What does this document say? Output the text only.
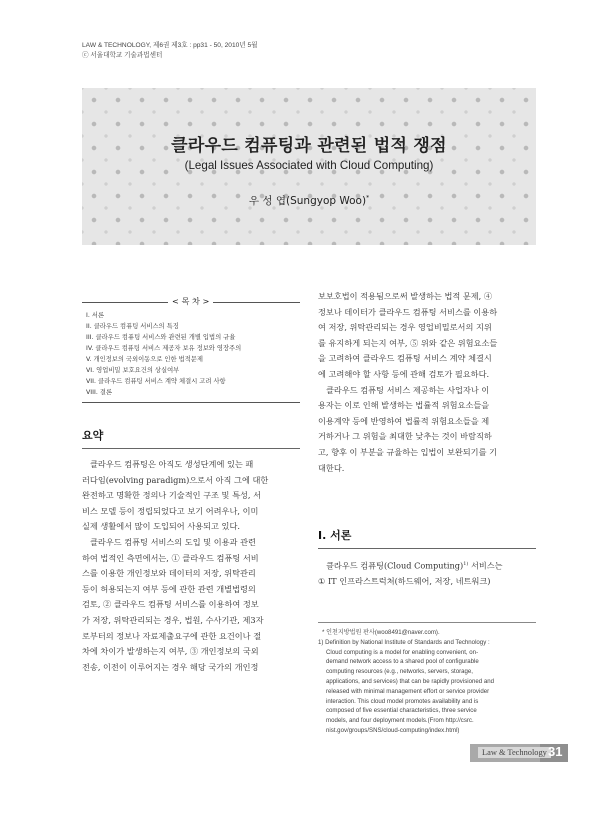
LAW & TECHNOLOGY, 제6권 제3호 : pp31 - 50, 2010년 5월
ⓒ 서울대학교 기술과법센터
클라우드 컴퓨팅과 관련된 법적 쟁점
(Legal Issues Associated with Cloud Computing)
우 성 엽(Sungyop Woo)*
< 목 차 >
I. 서론
II. 클라우드 컴퓨팅 서비스의 특징
III. 클라우드 컴퓨팅 서비스와 관련된 개별 입법의 규율
IV. 클라우드 컴퓨팅 서비스 제공자 보유 정보와 영장주의
V. 개인정보의 국외이동으로 인한 법적문제
VI. 영업비밀 보호요건의 상실여부
VII. 클라우드 컴퓨팅 서비스 계약 체결시 고려 사항
VIII. 결론
요약
클라우드 컴퓨팅은 아직도 생성단계에 있는 패
러다임(evolving paradigm)으로서 아직 그에 대한
완전하고 명확한 정의나 기술적인 구조 및 특성, 서
비스 모델 등이 정립되었다고 보기 어려우나, 이미
실제 생활에서 많이 도입되어 사용되고 있다.
클라우드 컴퓨팅 서비스의 도입 및 이용과 관련
하여 법적인 측면에서는, ① 클라우드 컴퓨팅 서비
스를 이용한 개인정보와 데이터의 저장, 위탁관리
등이 허용되는지 여부 등에 관한 관련 개별법령의
검토, ② 클라우드 컴퓨팅 서비스를 이용하여 정보
가 저장, 위탁관리되는 경우, 법원, 수사기관, 제3자
로부터의 정보나 자료제출요구에 관한 요건이나 절
차에 차이가 발생하는지 여부, ③ 개인정보의 국외
전송, 이전이 이루어지는 경우 해당 국가의 개인정
보보호법이 적용됨으로써 발생하는 법적 문제, ④
정보나 데이터가 클라우드 컴퓨팅 서비스를 이용하
여 저장, 위탁관리되는 경우 영업비밀로서의 지위
를 유지하게 되는지 여부, ⑤ 위와 같은 위험요소들
을 고려하여 클라우드 컴퓨팅 서비스 계약 체결시
에 고려해야 할 사항 등에 관해 검토가 필요하다.
클라우드 컴퓨팅 서비스 제공하는 사업자나 이
용자는 이로 인해 발생하는 법률적 위험요소들을
이용계약 등에 반영하여 법률적 위험요소들을 제
거하거나 그 위험을 최대한 낮추는 것이 바람직하
고, 향후 이 부분을 규율하는 입법이 보완되기를 기
대한다.
I. 서론
클라우드 컴퓨팅(Cloud Computing)$^{1)}$ 서비스는
① IT 인프라스트럭쳐(하드웨어, 저장, 네트워크)
* 인천지방법원 판사(woo8491@naver.com).
1) Definition by National Institute of Standards and Technology :
Cloud computing is a model for enabling convenient, on-
demand network access to a shared pool of configurable
computing resources (e.g., networks, servers, storage,
applications, and services) that can be rapidly provisioned and
released with minimal management effort or service provider
interaction. This cloud model promotes availability and is
composed of five essential characteristics, three service
models, and four deployment models.(From http://csrc.
nist.gov/groups/SNS/cloud-computing/index.html)
Law & Technology 31
